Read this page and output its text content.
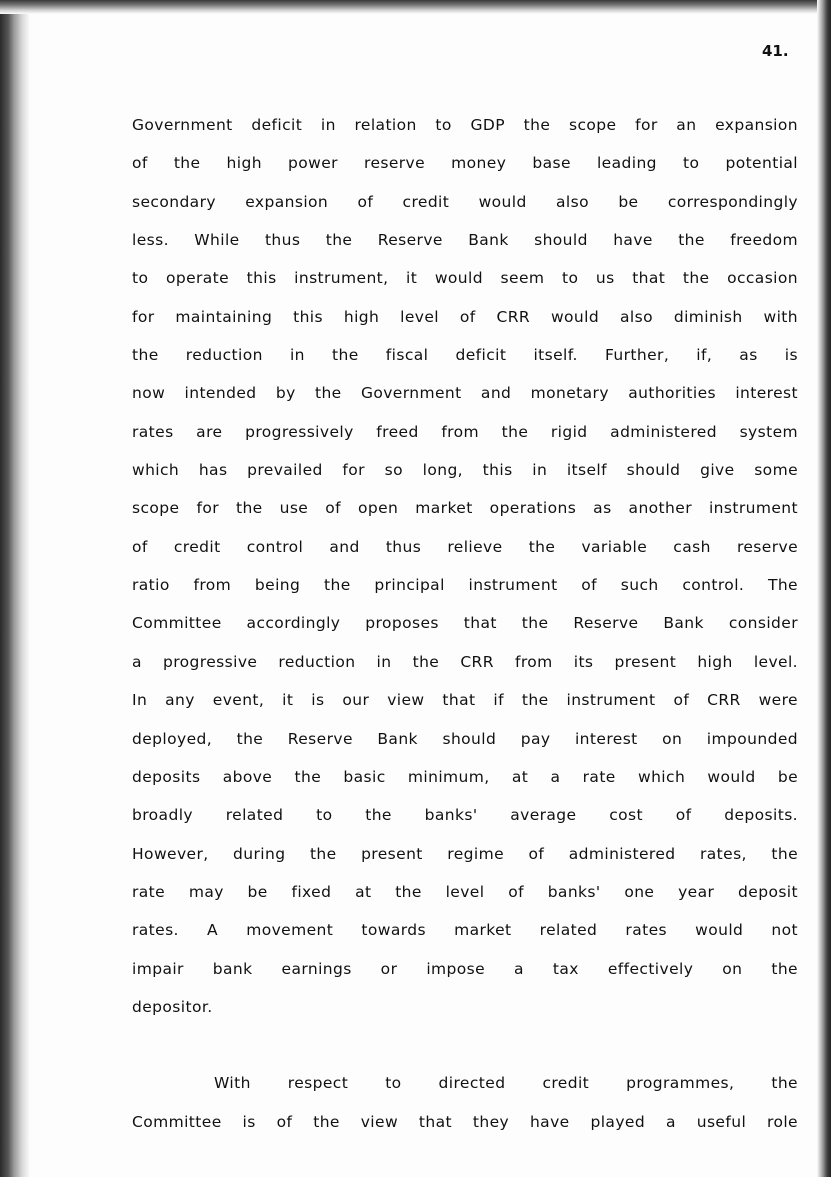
41.
Government deficit in relation to GDP the scope for an expansion
of the high power reserve money base leading to potential
secondary expansion of credit would also be correspondingly
less. While thus the Reserve Bank should have the freedom
to operate this instrument, it would seem to us that the occasion
for maintaining this high level of CRR would also diminish with
the reduction in the fiscal deficit itself. Further, if, as is
now intended by the Government and monetary authorities interest
rates are progressively freed from the rigid administered system
which has prevailed for so long, this in itself should give some
scope for the use of open market operations as another instrument
of credit control and thus relieve the variable cash reserve
ratio from being the principal instrument of such control. The
Committee accordingly proposes that the Reserve Bank consider
a progressive reduction in the CRR from its present high level.
In any event, it is our view that if the instrument of CRR were
deployed, the Reserve Bank should pay interest on impounded
deposits above the basic minimum, at a rate which would be
broadly related to the banks' average cost of deposits.
However, during the present regime of administered rates, the
rate may be fixed at the level of banks' one year deposit
rates. A movement towards market related rates would not
impair bank earnings or impose a tax effectively on the
depositor.
With respect to directed credit programmes, the
Committee is of the view that they have played a useful role
